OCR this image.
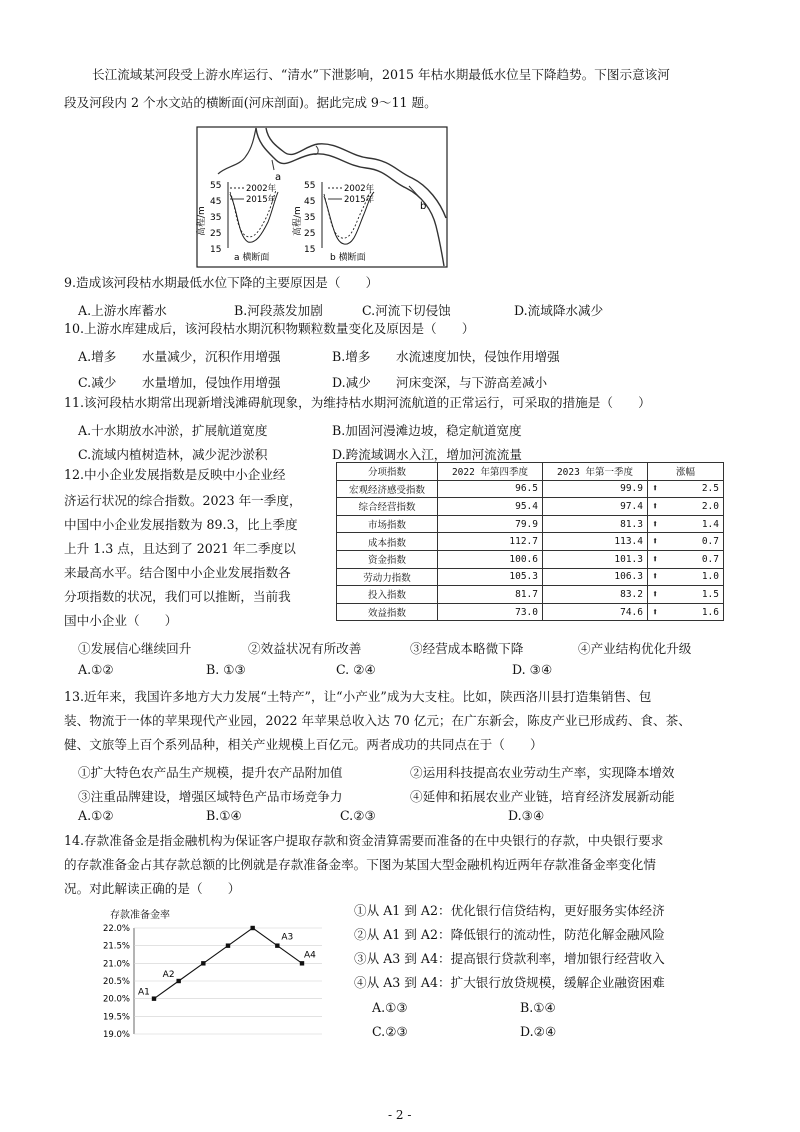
长江流域某河段受上游水库运行、“清水”下泄影响，2015 年枯水期最低水位呈下降趋势。下图示意该河
段及河段内 2 个水文站的横断面(河床剖面)。据此完成 9～11 题。
a
b
高程/m
55
45
35
25
15
2002年
2015年
a 横断面
高程/m
55
45
35
25
15
2002年
2015年
b 横断面
9.造成该河段枯水期最低水位下降的主要原因是（　　）
A.上游水库蓄水	B.河段蒸发加剧	C.河流下切侵蚀	D.流域降水减少
10.上游水库建成后，该河段枯水期沉积物颗粒数量变化及原因是（　　）
A.增多 水量减少，沉积作用增强	B.增多 水流速度加快，侵蚀作用增强
C.减少 水量增加，侵蚀作用增强	D.减少 河床变深，与下游高差减小
11.该河段枯水期常出现新增浅滩碍航现象，为维持枯水期河流航道的正常运行，可采取的措施是（　　）
A.十水期放水冲淤，扩展航道宽度	B.加固河漫滩边坡，稳定航道宽度
C.流域内植树造林，减少泥沙淤积	D.跨流域调水入江，增加河流流量
12.中小企业发展指数是反映中小企业经
济运行状况的综合指数。2023 年一季度，
中国中小企业发展指数为 89.3，比上季度
上升 1.3 点，且达到了 2021 年二季度以
来最高水平。结合图中小企业发展指数各
分项指数的状况，我们可以推断，当前我
国中小企业（　　）
分项指数	2022 年第四季度	2023 年第一季度	涨幅
宏观经济感受指数	96.5	99.9	⬆ 2.5

综合经营指数	95.4	97.4	⬆ 2.0

市场指数	79.9	81.3	⬆ 1.4

成本指数	112.7	113.4	⬆ 0.7

资金指数	100.6	101.3	⬆ 0.7

劳动力指数	105.3	106.3	⬆ 1.0

投入指数	81.7	83.2	⬆ 1.5

效益指数	73.0	74.6	⬆ 1.6
①发展信心继续回升	②效益状况有所改善	③经营成本略微下降	④产业结构优化升级
A.①②	B. ①③	C. ②④	D. ③④
13.近年来，我国许多地方大力发展“土特产”，让“小产业”成为大支柱。比如，陕西洛川县打造集销售、包
装、物流于一体的苹果现代产业园，2022 年苹果总收入达 70 亿元；在广东新会，陈皮产业已形成药、食、茶、
健、文旅等上百个系列品种，相关产业规模上百亿元。两者成功的共同点在于（　　）
①扩大特色农产品生产规模，提升农产品附加值	②运用科技提高农业劳动生产率，实现降本增效
③注重品牌建设，增强区域特色产品市场竞争力	④延伸和拓展农业产业链，培育经济发展新动能
A.①②	B.①④	C.②③	D.③④
14.存款准备金是指金融机构为保证客户提取存款和资金清算需要而准备的在中央银行的存款，中央银行要求
的存款准备金占其存款总额的比例就是存款准备金率。下图为某国大型金融机构近两年存款准备金率变化情
况。对此解读正确的是（　　）
存款准备金率
22.0%
21.5%
21.0%
20.5%
20.0%
19.5%
19.0%
A1
A2
A3
A4
①从 A1 到 A2：优化银行信贷结构，更好服务实体经济
②从 A1 到 A2：降低银行的流动性，防范化解金融风险
③从 A3 到 A4：提高银行贷款利率，增加银行经营收入
④从 A3 到 A4：扩大银行放贷规模，缓解企业融资困难
A.①③	B.①④
C.②③	D.②④
- 2 -
